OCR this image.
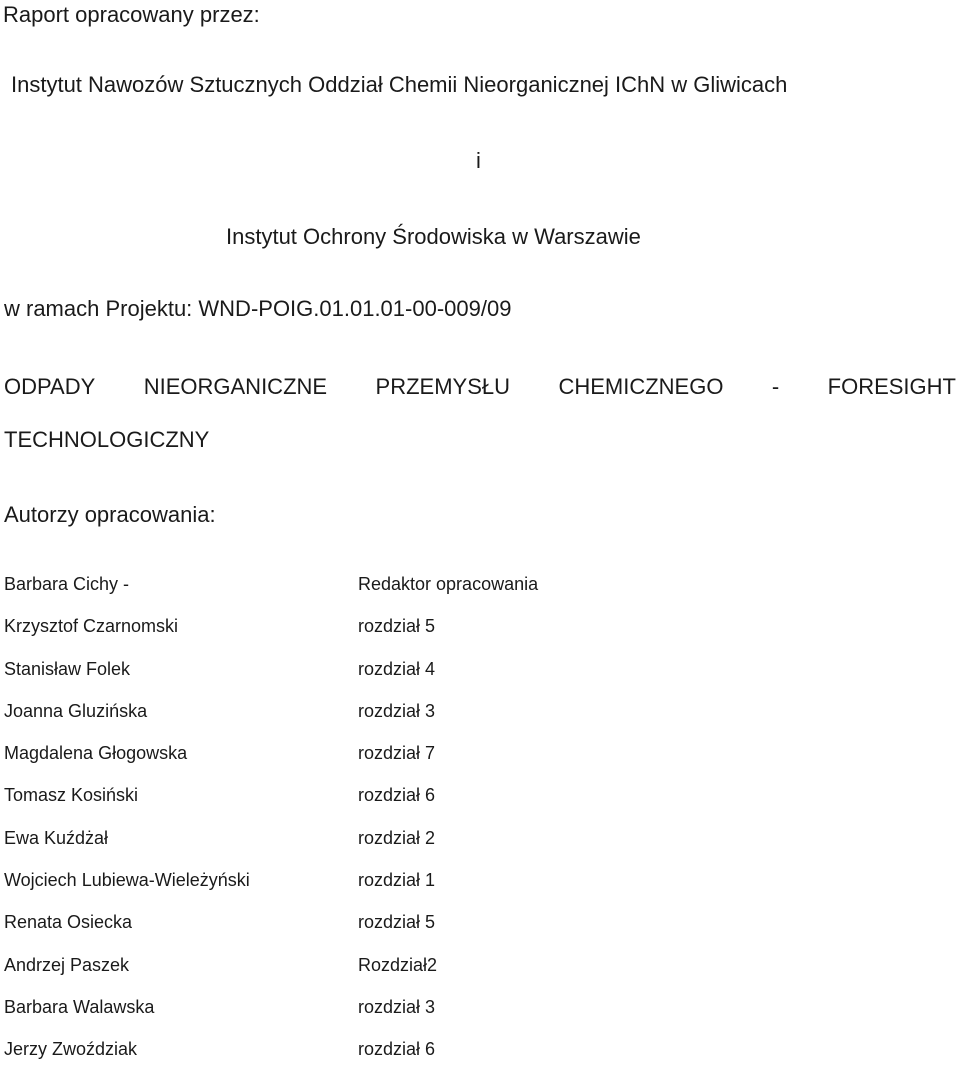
Raport opracowany przez:

Instytut Nawozów Sztucznych Oddział Chemii Nieorganicznej IChN w Gliwicach

i

Instytut Ochrony Środowiska w Warszawie

w ramach Projektu: WND-POIG.01.01.01-00-009/09

ODPADY NIEORGANICZNE PRZEMYSŁU CHEMICZNEGO - FORESIGHT

TECHNOLOGICZNY

Autorzy opracowania:

Barbara Cichy -	Redaktor opracowania
Krzysztof Czarnomski	rozdział 5
Stanisław Folek	rozdział 4
Joanna Gluzińska	rozdział 3
Magdalena Głogowska	rozdział 7
Tomasz Kosiński	rozdział 6
Ewa Kuźdżał	rozdział 2
Wojciech Lubiewa-Wieleżyński	rozdział 1
Renata Osiecka	rozdział 5
Andrzej Paszek	Rozdział2
Barbara Walawska	rozdział 3
Jerzy Zwoździak	rozdział 6
